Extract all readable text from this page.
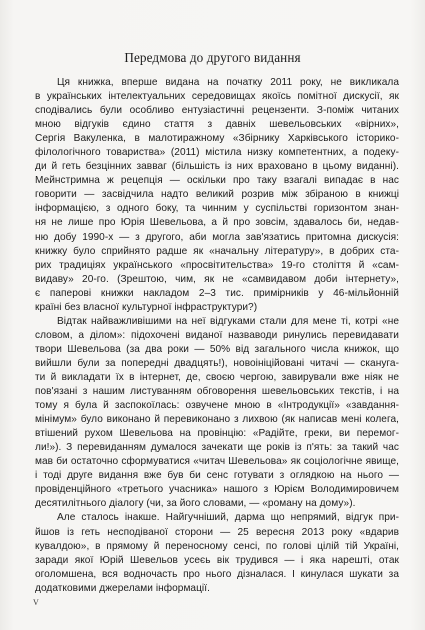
Передмова до другого видання
Ця книжка, вперше видана на початку 2011 року, не викликала
в українських інтелектуальних середовищах якоїсь помітної дискусії, як
сподівались були особливо ентузіастичні рецензенти. З-поміж читаних
мною відгуків єдино стаття з давніх шевельовських «вірних»,
Сергія Вакуленка, в малотиражному «Збірнику Харківського історико-
філологічного товариства» (2011) містила низку компетентних, а подеку-
ди й геть безцінних завваг (більшість із них враховано в цьому виданні).
Мейнстримна ж рецепція — оскільки про таку взагалі випадає в нас
говорити — засвідчила надто великий розрив між збіраною в книжці
інформацією, з одного боку, та чинним у суспільстві горизонтом знан-
ня не лише про Юрія Шевельова, а й про зовсім, здавалось би, недав-
ню добу 1990-х — з другого, аби могла зав'язатись притомна дискусія:
книжку було сприйнято радше як «начальну літературу», в добрих ста-
рих традиціях українського «просвітительства» 19-го століття й «сам-
видаву» 20-го. (Зрештою, чим, як не «самвидавом доби інтернету»,
є паперові книжки накладом 2–3 тис. примірників у 46-мільйонній
країні без власної культурної інфраструктури?)
Відтак найважливішими на неї відгуками стали для мене ті, котрі «не
словом, а ділом»: підохочені виданої назваводи ринулись перевидавати
твори Шевельова (за два роки — 50% від загального числа книжок, що
вийшли були за попередні двадцять!), новоініційовані читачі — скануга-
ти й викладати їх в інтернет, де, своєю чергою, завирували вже ніяк не
пов'язані з нашим листуванням обговорення шевельовських текстів, і на
тому я була й заспокоїлась: озвучене мною в «Інтродукції» «завдання-
мінімум» було виконано й перевиконано з лихвою (як написав мені колега,
втішений рухом Шевельова на провінцію: «Радійте, греки, ви перемог-
ли!»). З перевиданням думалося зачекати ще років із п'ять: за такий час
мав би остаточно сформуватися «читач Шевельова» як соціологічне явище,
і тоді друге видання вже був би сенс готувати з оглядкою на нього —
провіденційного «третього учасника» нашого з Юрієм Володимировичем
десятилітнього діалогу (чи, за його словами, — «роману на дому»).
Але сталось інакше. Найгучніший, дарма що непрямий, відгук при-
йшов із геть несподіваної сторони — 25 вересня 2013 року «вдарив
кувалдою», в прямому й переносному сенсі, по голові цілій тій Україні,
заради якої Юрій Шевельов усеєь вік трудився — і яка нарешті, отак
оголомшена, вся водночасть про нього дізналася. І кинулася шукати за
додатковими джерелами інформації.
V
